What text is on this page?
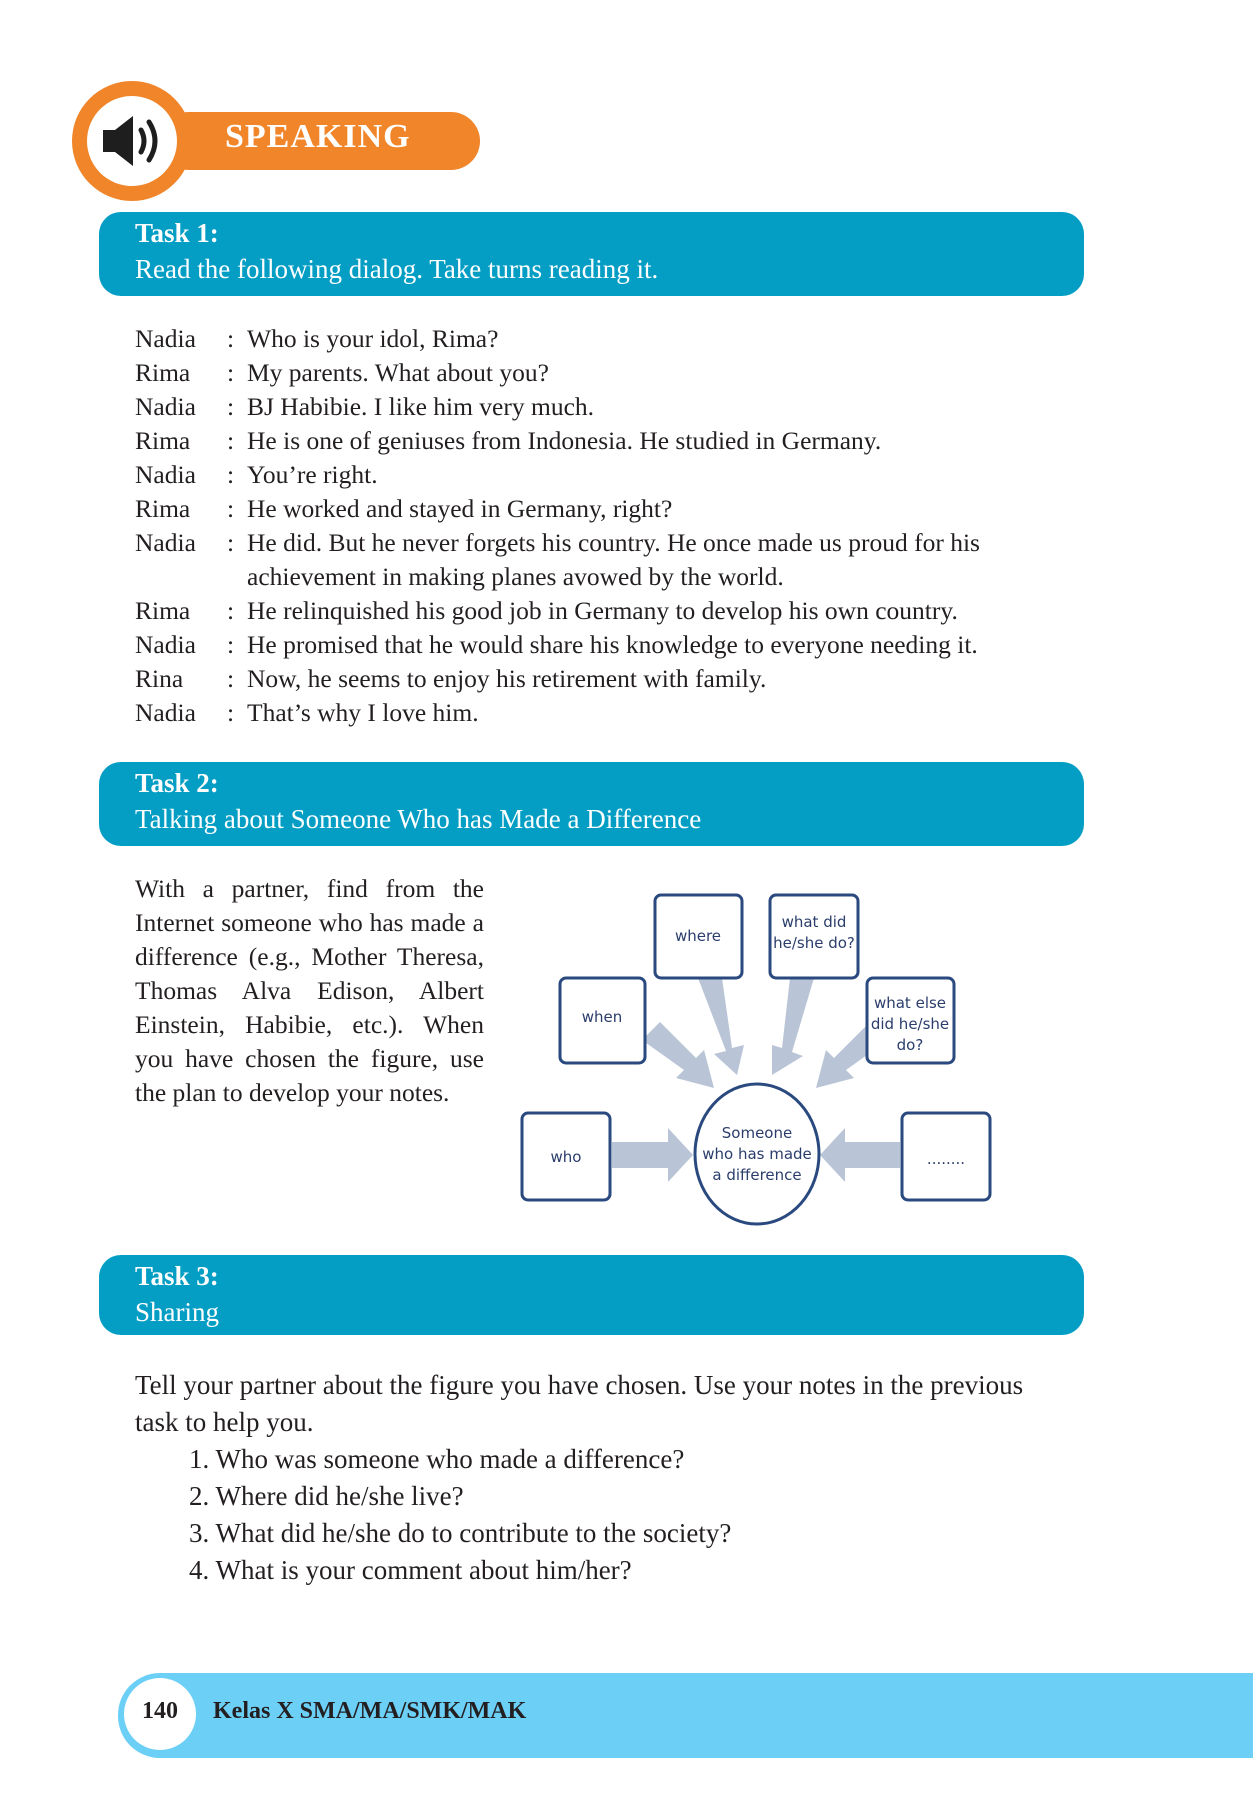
SPEAKING
Task 1:
Read the following dialog. Take turns reading it.
Nadia	: Who is your idol, Rima?
Rima	: My parents. What about you?
Nadia	: BJ Habibie. I like him very much.
Rima	: He is one of geniuses from Indonesia. He studied in Germany.
Nadia	: You’re right.
Rima	: He worked and stayed in Germany, right?
Nadia	: He did. But he never forgets his country. He once made us proud for his achievement in making planes avowed by the world.
Rima	: He relinquished his good job in Germany to develop his own country.
Nadia	: He promised that he would share his knowledge to everyone needing it.
Rina	: Now, he seems to enjoy his retirement with family.
Nadia	: That’s why I love him.
Task 2:
Talking about Someone Who has Made a Difference
With a partner, find from the Internet someone who has made a difference (e.g., Mother Theresa, Thomas Alva Edison, Albert Einstein, Habibie, etc.). When you have chosen the figure, use the plan to develop your notes.
where
what did
he/she do?
when
what else
did he/she
do?
who	........
Someone
who has made
a difference
Task 3:
Sharing
Tell your partner about the figure you have chosen. Use your notes in the previous task to help you.
1. Who was someone who made a difference?
2. Where did he/she live?
3. What did he/she do to contribute to the society?
4. What is your comment about him/her?
140	Kelas X SMA/MA/SMK/MAK
